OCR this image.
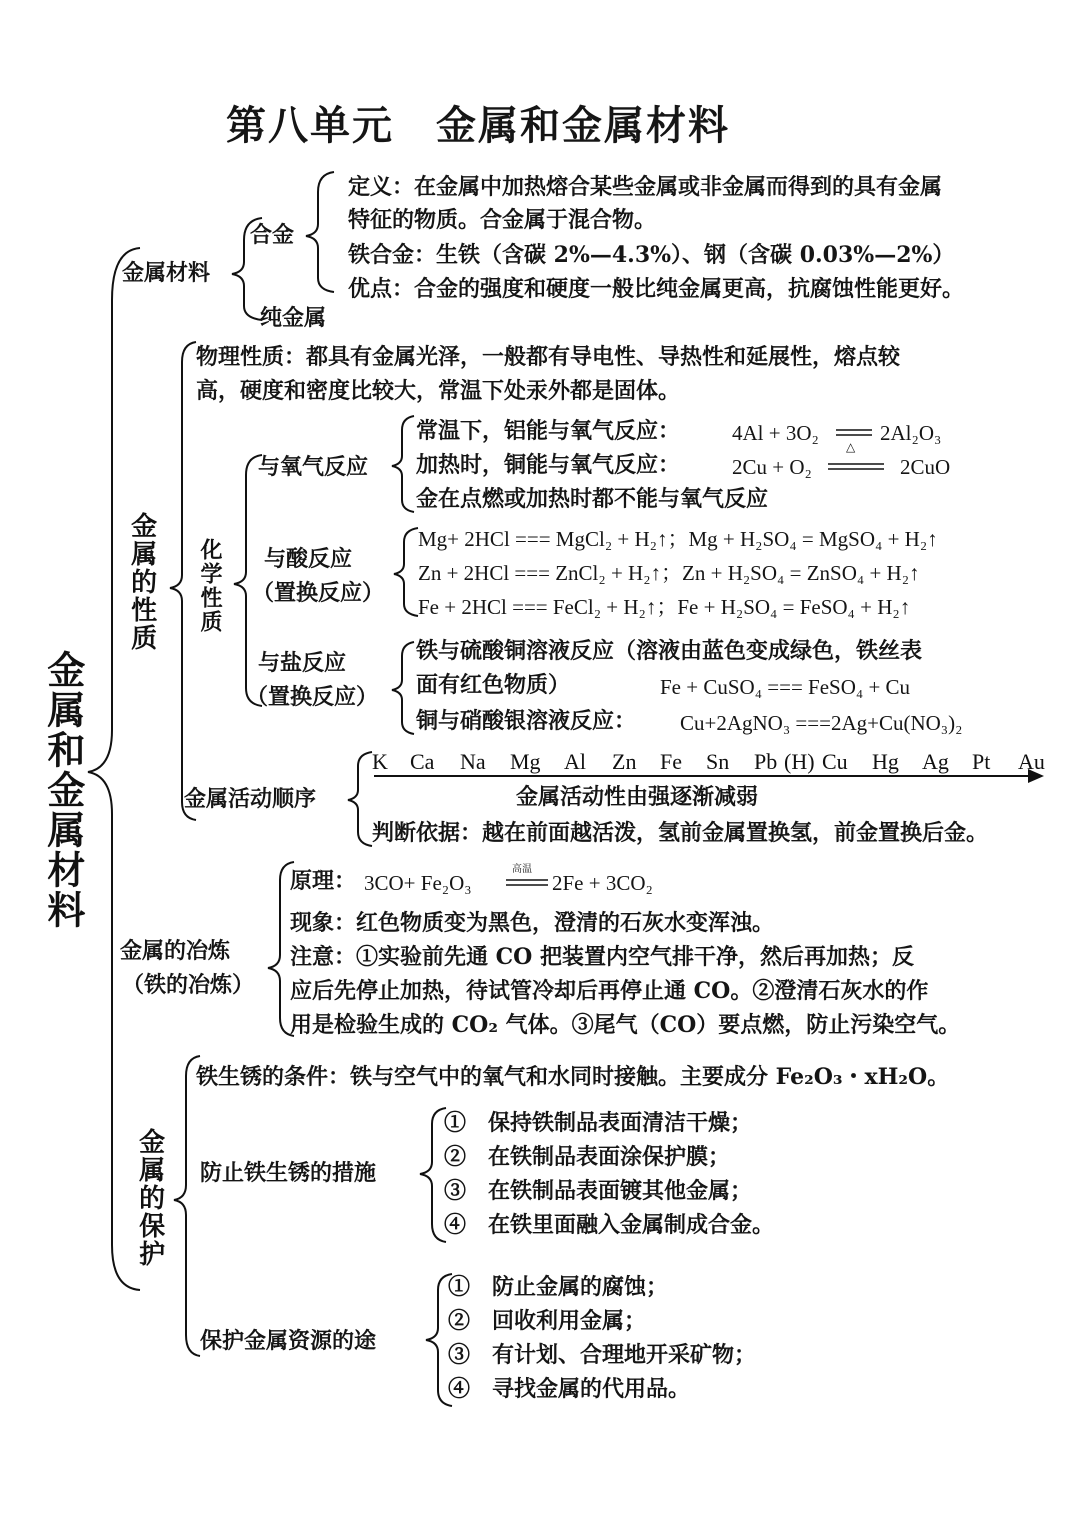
第八单元　金属和金属材料
金属和金属材料
金属材料
合金
定义：在金属中加热熔合某些金属或非金属而得到的具有金属
特征的物质。合金属于混合物。
铁合金：生铁（含碳 2%—4.3%）、钢（含碳 0.03%—2%）
优点：合金的强度和硬度一般比纯金属更高，抗腐蚀性能更好。
纯金属
金属的性质
物理性质：都具有金属光泽，一般都有导电性、导热性和延展性，熔点较
高，硬度和密度比较大，常温下处汞外都是固体。
化学性质
与氧气反应
常温下，铝能与氧气反应： 4Al + 3O₂	2Al₂O₃
加热时，铜能与氧气反应： 2Cu + O₂
△
2CuO
金在点燃或加热时都不能与氧气反应
与酸反应
（置换反应）
Mg+ 2HCl === MgCl₂ + H₂↑；Mg + H₂SO₄ = MgSO₄ + H₂↑
Zn + 2HCl === ZnCl₂ + H₂↑；Zn + H₂SO₄ = ZnSO₄ + H₂↑
Fe + 2HCl === FeCl₂ + H₂↑；Fe + H₂SO₄ = FeSO₄ + H₂↑
与盐反应
（置换反应）
铁与硫酸铜溶液反应（溶液由蓝色变成绿色，铁丝表
面有红色物质）	Fe + CuSO₄ === FeSO₄ + Cu
铜与硝酸银溶液反应： Cu+2AgNO₃ ===2Ag+Cu(NO₃)₂
金属活动顺序
K Ca Na Mg Al Zn Fe Sn Pb (H) Cu Hg Ag Pt Au
金属活动性由强逐渐减弱
判断依据：越在前面越活泼，氢前金属置换氢，前金置换后金。
金属的冶炼
（铁的冶炼）
原理： 3CO+ Fe₂O₃
高温
2Fe + 3CO₂
现象：红色物质变为黑色，澄清的石灰水变浑浊。
注意：①实验前先通 CO 把装置内空气排干净，然后再加热；反
应后先停止加热，待试管冷却后再停止通 CO。②澄清石灰水的作
用是检验生成的 CO₂ 气体。③尾气（CO）要点燃，防止污染空气。
金属的保护
铁生锈的条件：铁与空气中的氧气和水同时接触。主要成分 Fe₂O₃・xH₂O。
防止铁生锈的措施
①　保持铁制品表面清洁干燥；
②　在铁制品表面涂保护膜；
③　在铁制品表面镀其他金属；
④　在铁里面融入金属制成合金。
保护金属资源的途
①　防止金属的腐蚀；
②　回收利用金属；
③　有计划、合理地开采矿物；
④　寻找金属的代用品。
